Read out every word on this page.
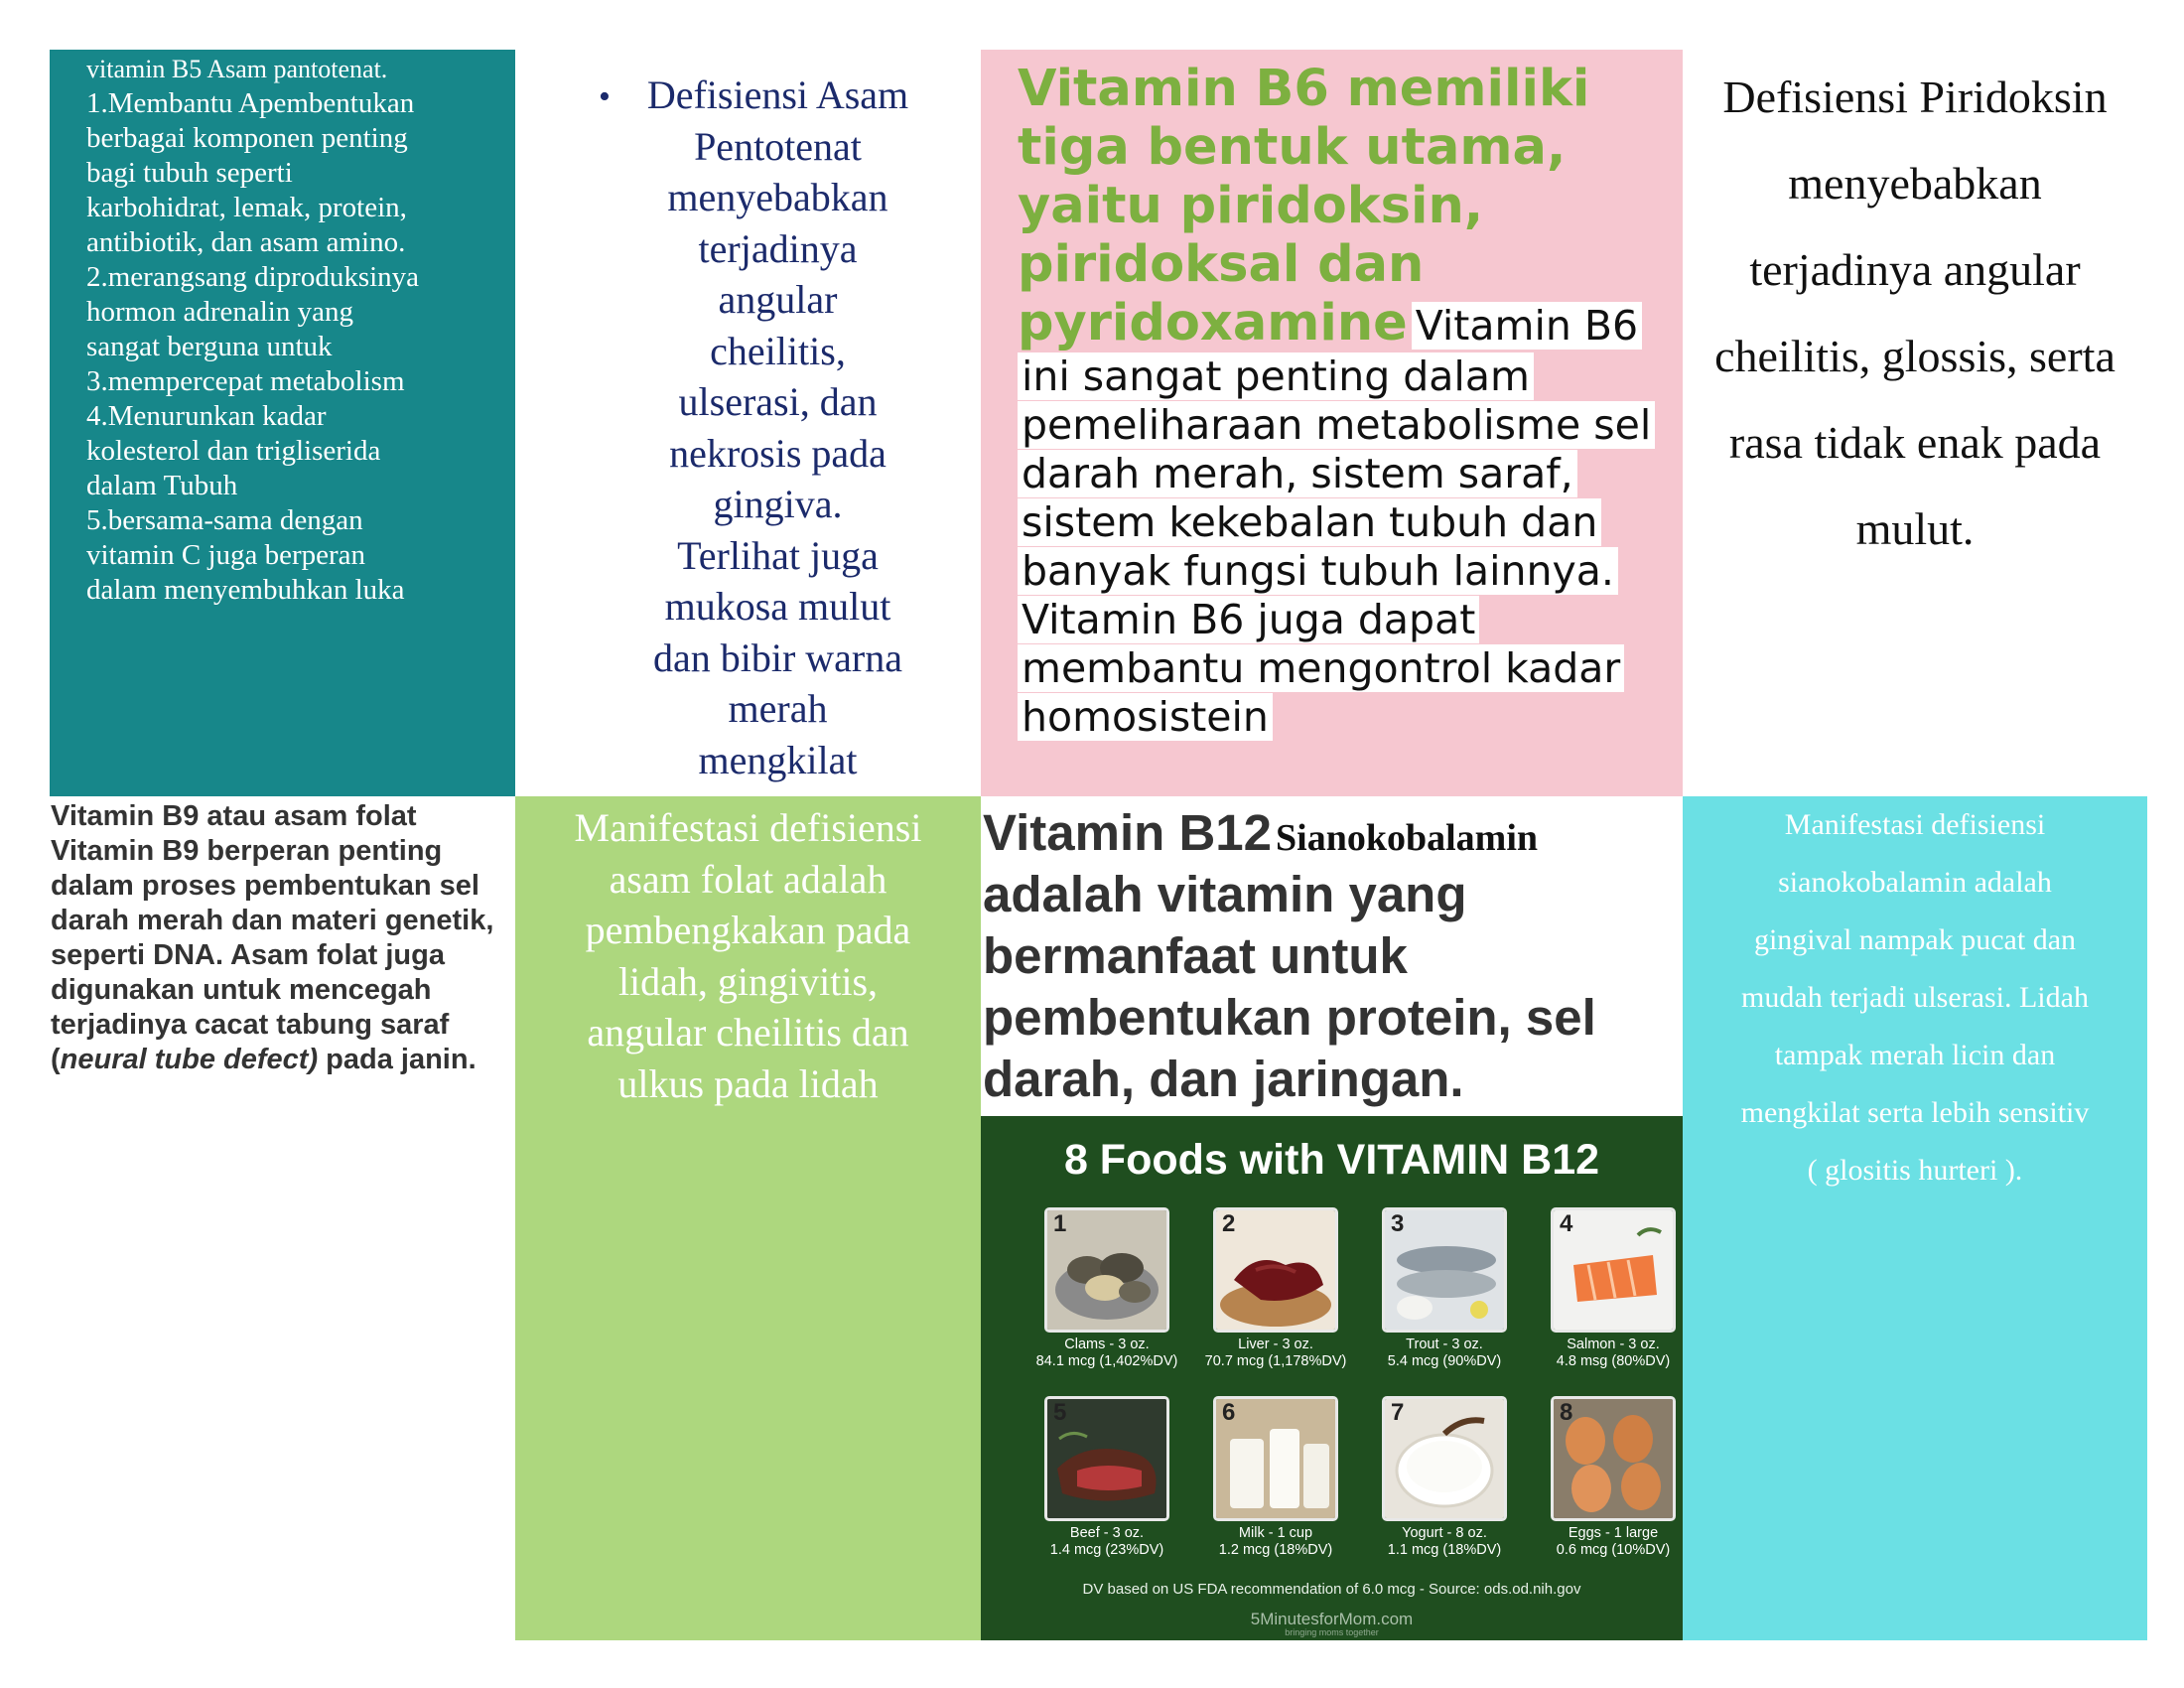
vitamin B5 Asam pantotenat.
1.Membantu Apembentukan
berbagai komponen penting
bagi tubuh seperti
karbohidrat, lemak, protein,
antibiotik, dan asam amino.
2.merangsang diproduksinya
hormon adrenalin yang
sangat berguna untuk
3.mempercepat metabolism
4.Menurunkan kadar
kolesterol dan trigliserida
dalam Tubuh
5.bersama-sama dengan
vitamin C juga berperan
dalam menyembuhkan luka
• Defisiensi Asam
Pentotenat
menyebabkan
terjadinya
angular
cheilitis,
ulserasi, dan
nekrosis pada
gingiva.
Terlihat juga
mukosa mulut
dan bibir warna
merah
mengkilat
Vitamin B6 memiliki tiga bentuk utama, yaitu piridoksin, piridoksal dan pyridoxamine Vitamin B6 ini sangat penting dalam pemeliharaan metabolisme sel darah merah, sistem saraf, sistem kekebalan tubuh dan banyak fungsi tubuh lainnya. Vitamin B6 juga dapat membantu mengontrol kadar homosistein
Defisiensi Piridoksin
menyebabkan
terjadinya angular
cheilitis, glossis, serta
rasa tidak enak pada
mulut.
Vitamin B9 atau asam folat
Vitamin B9 berperan penting dalam proses pembentukan sel darah merah dan materi genetik, seperti DNA. Asam folat juga digunakan untuk mencegah terjadinya cacat tabung saraf (neural tube defect) pada janin.
Manifestasi defisiensi
asam folat adalah
pembengkakan pada
lidah, gingivitis,
angular cheilitis dan
ulkus pada lidah
Vitamin B12 Sianokobalamin
adalah vitamin yang bermanfaat untuk pembentukan protein, sel darah, dan jaringan.
Manifestasi defisiensi
sianokobalamin adalah
gingival nampak pucat dan
mudah terjadi ulserasi. Lidah
tampak merah licin dan
mengkilat serta lebih sensitiv
( glositis hurteri ).
8 Foods with VITAMIN B12
1
Clams - 3 oz.
84.1 mcg (1,402%DV)
2
Liver - 3 oz.
70.7 mcg (1,178%DV)
3
Trout - 3 oz.
5.4 mcg (90%DV)
4
Salmon - 3 oz.
4.8 msg (80%DV)
5
Beef - 3 oz.
1.4 mcg (23%DV)
6
Milk - 1 cup
1.2 mcg (18%DV)
7
Yogurt - 8 oz.
1.1 mcg (18%DV)
8
Eggs - 1 large
0.6 mcg (10%DV)
DV based on US FDA recommendation of 6.0 mcg - Source: ods.od.nih.gov
5MinutesforMom.com
bringing moms together
